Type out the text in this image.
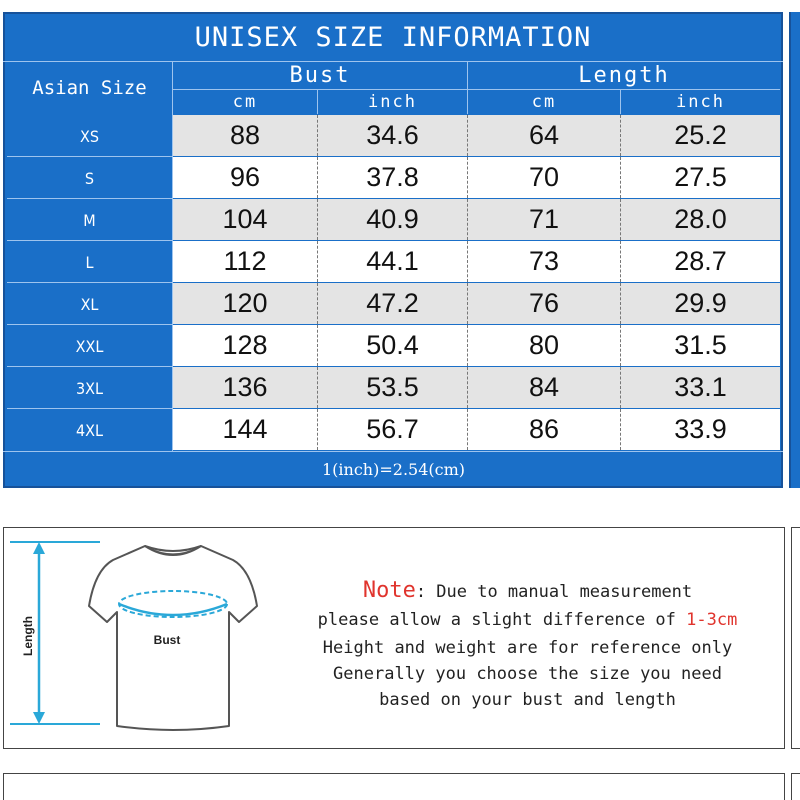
UNISEX SIZE INFORMATION
Asian Size	Bust	Length
cm	inch	cm	inch
XS	88	34.6	64	25.2
S	96	37.8	70	27.5
M	104	40.9	71	28.0
L	112	44.1	73	28.7
XL	120	47.2	76	29.9
XXL	128	50.4	80	31.5
3XL	136	53.5	84	33.1
4XL	144	56.7	86	33.9
1(inch)=2.54(cm)
Length	Bust
Note: Due to manual measurement
please allow a slight difference of 1-3cm
Height and weight are for reference only
Generally you choose the size you need
based on your bust and length
